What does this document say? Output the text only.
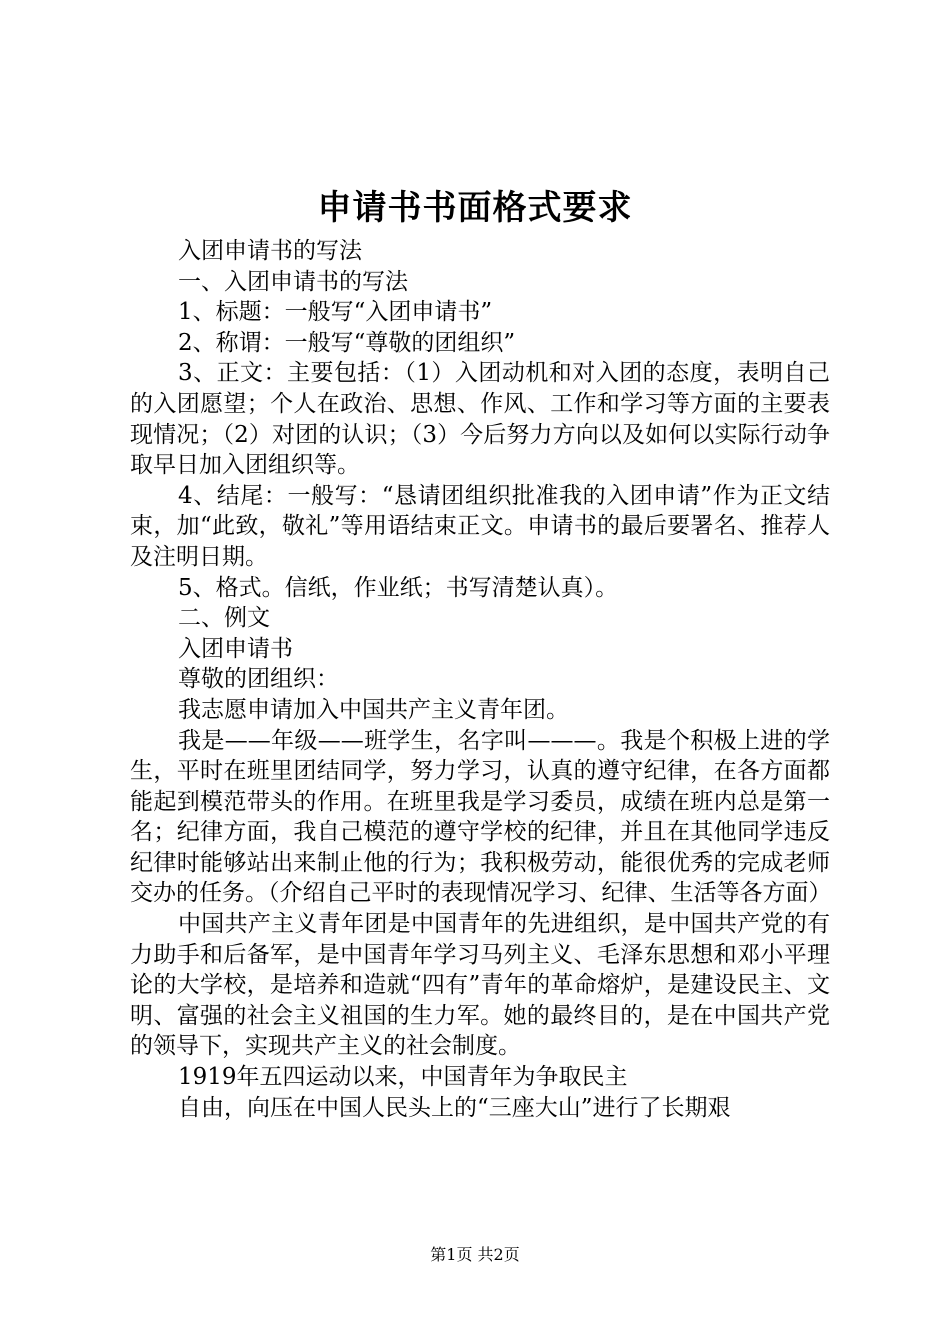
申请书书面格式要求

入团申请书的写法

一、入团申请书的写法

1、标题：一般写“入团申请书”

2、称谓：一般写“尊敬的团组织”

3、正文：主要包括：（1）入团动机和对入团的态度，表明自己的入团愿望；个人在政治、思想、作风、工作和学习等方面的主要表现情况；（2）对团的认识；（3）今后努力方向以及如何以实际行动争取早日加入团组织等。

4、结尾：一般写：“恳请团组织批准我的入团申请”作为正文结束，加“此致，敬礼”等用语结束正文。申请书的最后要署名、推荐人及注明日期。

5、格式。信纸，作业纸；书写清楚认真）。

二、例文

入团申请书

尊敬的团组织：

我志愿申请加入中国共产主义青年团。

我是——年级——班学生，名字叫———。我是个积极上进的学生，平时在班里团结同学，努力学习，认真的遵守纪律，在各方面都能起到模范带头的作用。在班里我是学习委员，成绩在班内总是第一名；纪律方面，我自己模范的遵守学校的纪律，并且在其他同学违反纪律时能够站出来制止他的行为；我积极劳动，能很优秀的完成老师交办的任务。（介绍自己平时的表现情况学习、纪律、生活等各方面）

中国共产主义青年团是中国青年的先进组织，是中国共产党的有力助手和后备军，是中国青年学习马列主义、毛泽东思想和邓小平理论的大学校，是培养和造就“四有”青年的革命熔炉，是建设民主、文明、富强的社会主义祖国的生力军。她的最终目的，是在中国共产党的领导下，实现共产主义的社会制度。

1919年五四运动以来，中国青年为争取民主

自由，向压在中国人民头上的“三座大山”进行了长期艰

第1页 共2页
